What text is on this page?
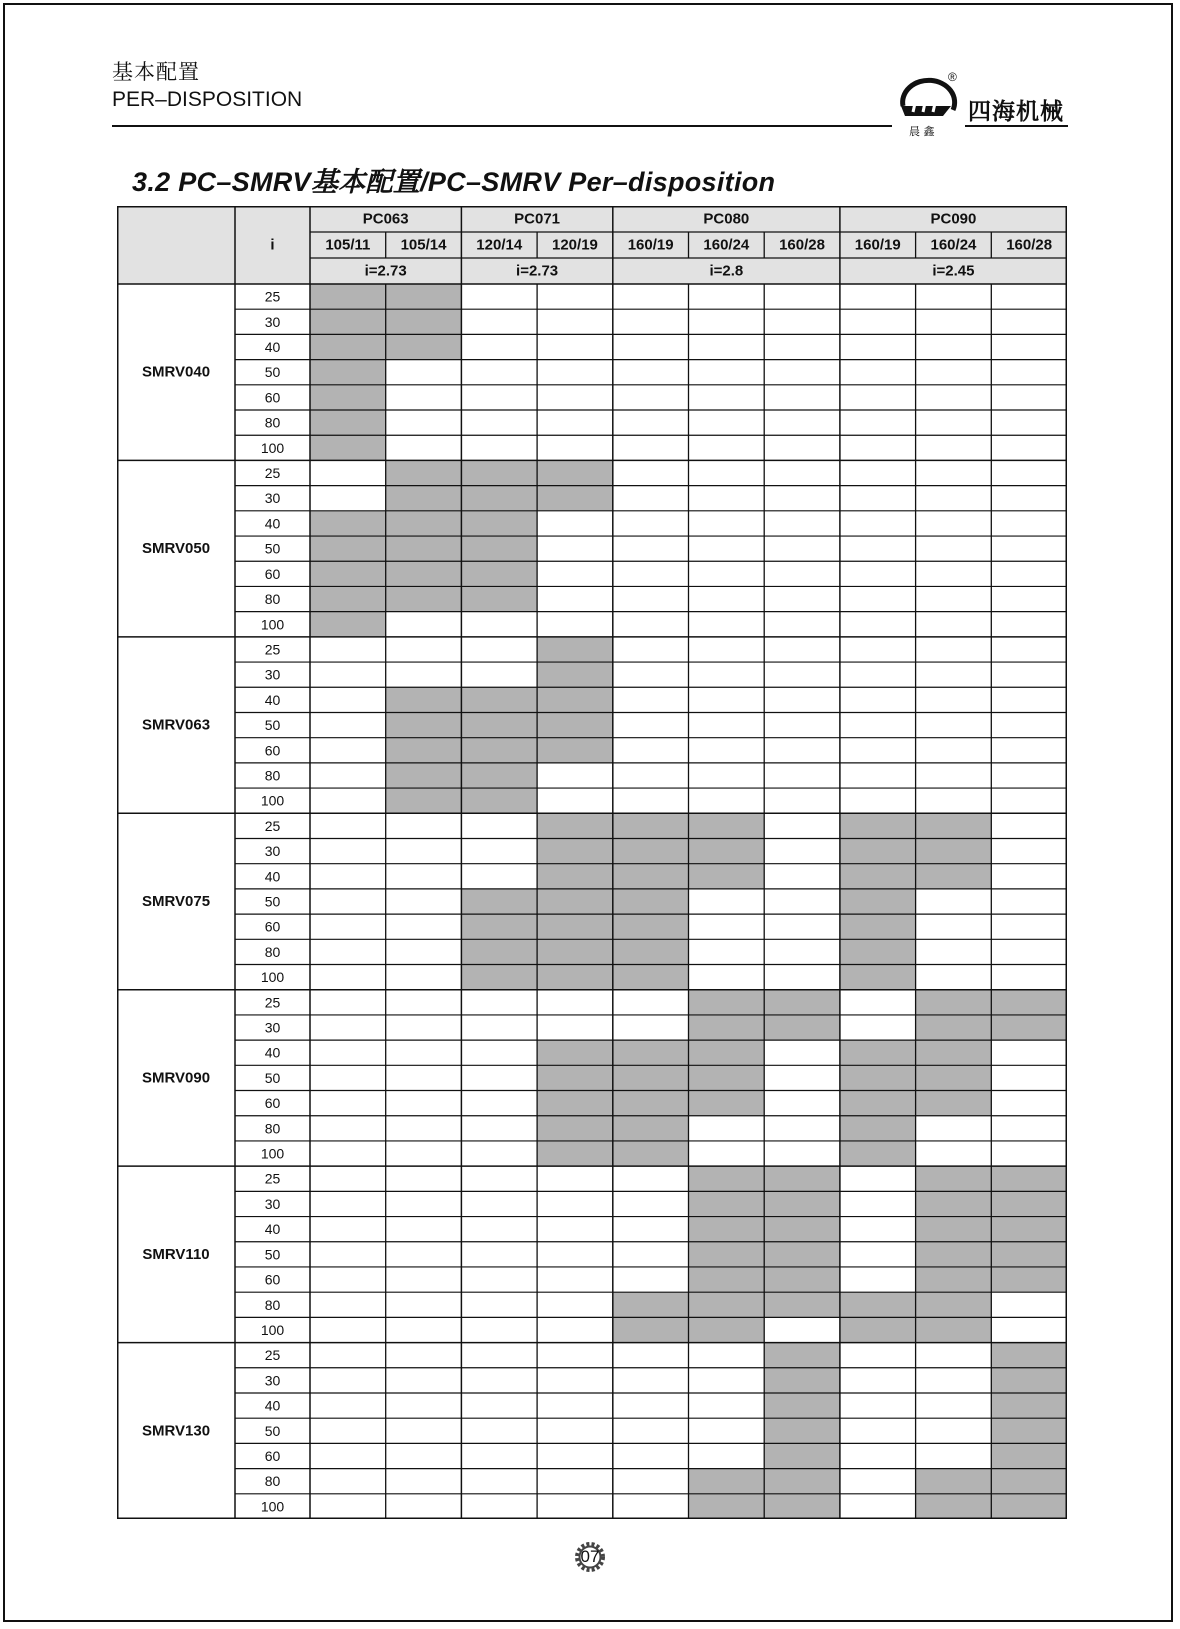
基本配置
PER–DISPOSITION
晨 鑫
®
四海机械
3.2 PC–SMRV基本配置/PC–SMRV Per–disposition
i
PC063
i=2.73
105/11 105/14
PC071
i=2.73
120/14 120/19
PC080
i=2.8
160/19 160/24 160/28
PC090
i=2.45
160/19 160/24 160/28
SMRV040
25
30
40
50
60
80
100
SMRV050
25
30
40
50
60
80
100
SMRV063
25
30
40
50
60
80
100
SMRV075
25
30
40
50
60
80
100
SMRV090
25
30
40
50
60
80
100
SMRV110
25
30
40
50
60
80
100
SMRV130
25
30
40
50
60
80
100
07
